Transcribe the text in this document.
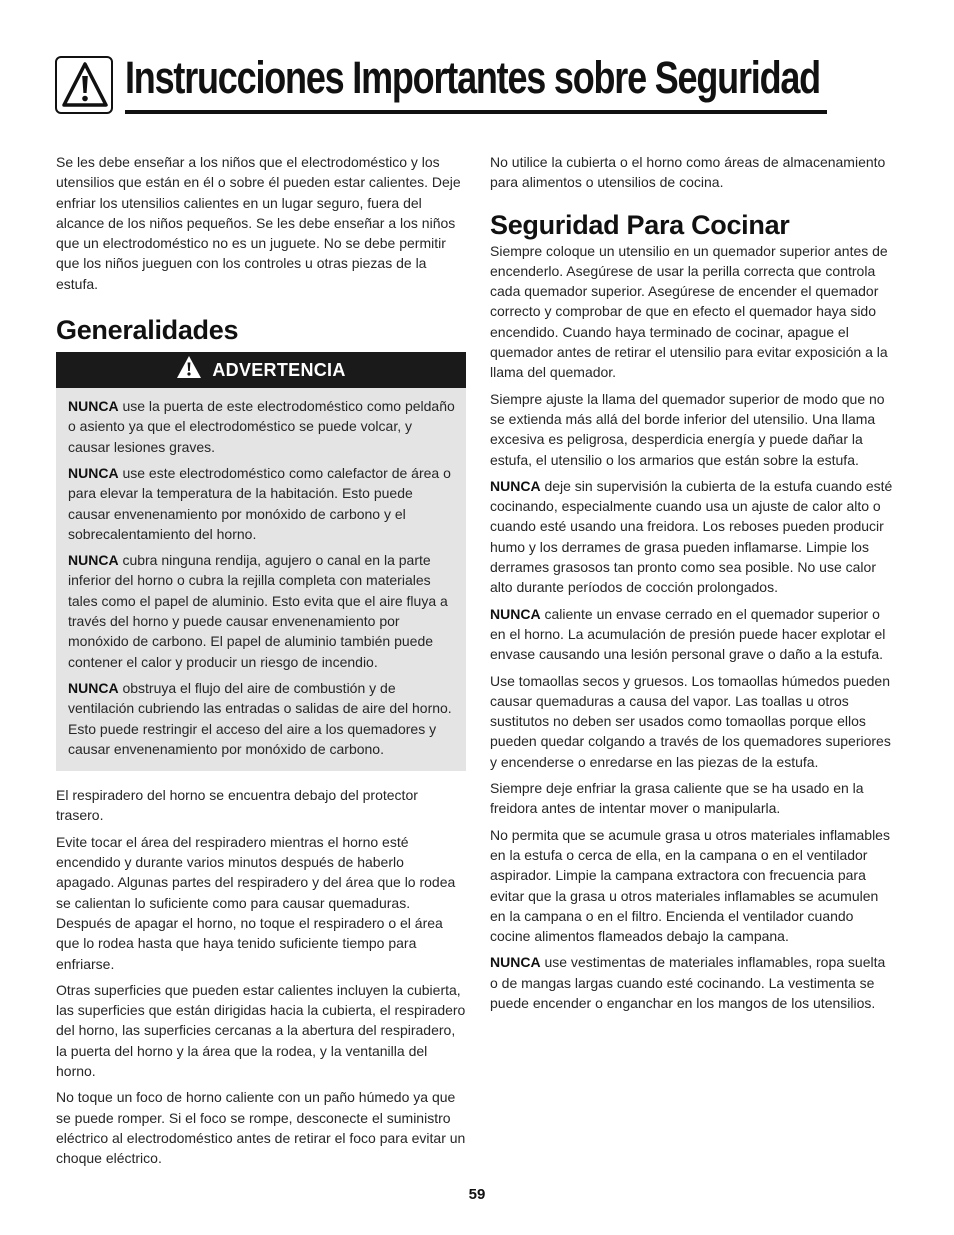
Instrucciones Importantes sobre Seguridad

Se les debe enseñar a los niños que el electrodoméstico y los utensilios que están en él o sobre él pueden estar calientes. Deje enfriar los utensilios calientes en un lugar seguro, fuera del alcance de los niños pequeños. Se les debe enseñar a los niños que un electrodoméstico no es un juguete. No se debe permitir que los niños jueguen con los controles u otras piezas de la estufa.

Generalidades
ADVERTENCIA

NUNCA use la puerta de este electrodoméstico como peldaño o asiento ya que el electrodoméstico se puede volcar, y causar lesiones graves.

NUNCA use este electrodoméstico como calefactor de área o para elevar la temperatura de la habitación. Esto puede causar envenenamiento por monóxido de carbono y el sobrecalentamiento del horno.

NUNCA cubra ninguna rendija, agujero o canal en la parte inferior del horno o cubra la rejilla completa con materiales tales como el papel de aluminio. Esto evita que el aire fluya a través del horno y puede causar envenenamiento por monóxido de carbono. El papel de aluminio también puede contener el calor y producir un riesgo de incendio.

NUNCA obstruya el flujo del aire de combustión y de ventilación cubriendo las entradas o salidas de aire del horno. Esto puede restringir el acceso del aire a los quemadores y causar envenenamiento por monóxido de carbono.

El respiradero del horno se encuentra debajo del protector trasero.

Evite tocar el área del respiradero mientras el horno esté encendido y durante varios minutos después de haberlo apagado. Algunas partes del respiradero y del área que lo rodea se calientan lo suficiente como para causar quemaduras. Después de apagar el horno, no toque el respiradero o el área que lo rodea hasta que haya tenido suficiente tiempo para enfriarse.

Otras superficies que pueden estar calientes incluyen la cubierta, las superficies que están dirigidas hacia la cubierta, el respiradero del horno, las superficies cercanas a la abertura del respiradero, la puerta del horno y la área que la rodea, y la ventanilla del horno.

No toque un foco de horno caliente con un paño húmedo ya que se puede romper. Si el foco se rompe, desconecte el suministro eléctrico al electrodoméstico antes de retirar el foco para evitar un choque eléctrico.

No utilice la cubierta o el horno como áreas de almacenamiento para alimentos o utensilios de cocina.

Seguridad Para Cocinar

Siempre coloque un utensilio en un quemador superior antes de encenderlo. Asegúrese de usar la perilla correcta que controla cada quemador superior. Asegúrese de encender el quemador correcto y comprobar de que en efecto el quemador haya sido encendido. Cuando haya terminado de cocinar, apague el quemador antes de retirar el utensilio para evitar exposición a la llama del quemador.

Siempre ajuste la llama del quemador superior de modo que no se extienda más allá del borde inferior del utensilio. Una llama excesiva es peligrosa, desperdicia energía y puede dañar la estufa, el utensilio o los armarios que están sobre la estufa.

NUNCA deje sin supervisión la cubierta de la estufa cuando esté cocinando, especialmente cuando usa un ajuste de calor alto o cuando esté usando una freidora. Los reboses pueden producir humo y los derrames de grasa pueden inflamarse. Limpie los derrames grasosos tan pronto como sea posible. No use calor alto durante períodos de cocción prolongados.

NUNCA caliente un envase cerrado en el quemador superior o en el horno. La acumulación de presión puede hacer explotar el envase causando una lesión personal grave o daño a la estufa.

Use tomaollas secos y gruesos. Los tomaollas húmedos pueden causar quemaduras a causa del vapor. Las toallas u otros sustitutos no deben ser usados como tomaollas porque ellos pueden quedar colgando a través de los quemadores superiores y encenderse o enredarse en las piezas de la estufa.

Siempre deje enfriar la grasa caliente que se ha usado en la freidora antes de intentar mover o manipularla.

No permita que se acumule grasa u otros materiales inflamables en la estufa o cerca de ella, en la campana o en el ventilador aspirador. Limpie la campana extractora con frecuencia para evitar que la grasa u otros materiales inflamables se acumulen en la campana o en el filtro. Encienda el ventilador cuando cocine alimentos flameados debajo la campana.

NUNCA use vestimentas de materiales inflamables, ropa suelta o de mangas largas cuando esté cocinando. La vestimenta se puede encender o enganchar en los mangos de los utensilios.

59
